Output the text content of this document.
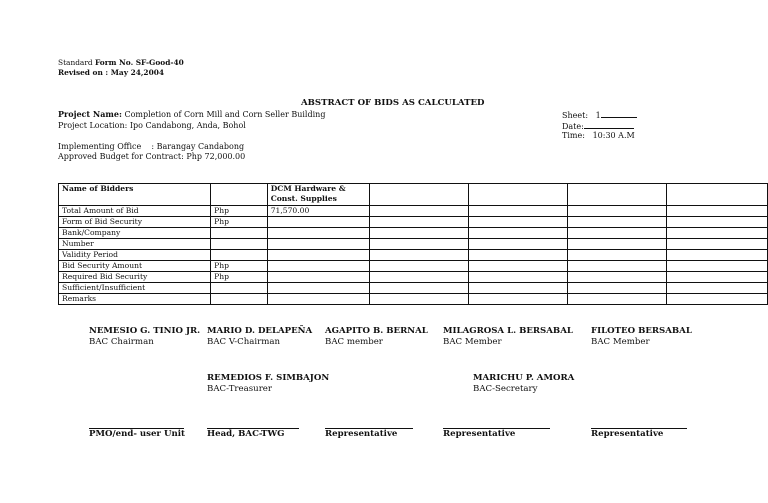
Standard Form No. SF-Good-40
Revised on : May 24,2004
ABSTRACT OF BIDS AS CALCULATED
Project Name: Completion of Corn Mill and Corn Seller Building
Project Location: Ipo Candabong, Anda, Bohol
Implementing Office    : Barangay Candabong
Approved Budget for Contract: Php 72,000.00
Sheet: 1
Date:
Time: 10:30 A.M
Name of Bidders		DCM Hardware & Const. Supplies				
Total Amount of Bid	Php	71,570.00				
Form of Bid Security	Php					
Bank/Company						
Number						
Validity Period						
Bid Security Amount	Php					
Required Bid Security	Php					
Sufficient/Insufficient						
Remarks						
NEMESIO G. TINIO JR.
BAC Chairman
MARIO D. DELAPEÑA
BAC V-Chairman
AGAPITO B. BERNAL
BAC member
MILAGROSA L. BERSABAL
BAC Member
FILOTEO BERSABAL
BAC Member
REMEDIOS F. SIMBAJON
BAC-Treasurer
MARICHU P. AMORA
BAC-Secretary
PMO/end- user Unit	Head, BAC-TWG	Representative	Representative	Representative
